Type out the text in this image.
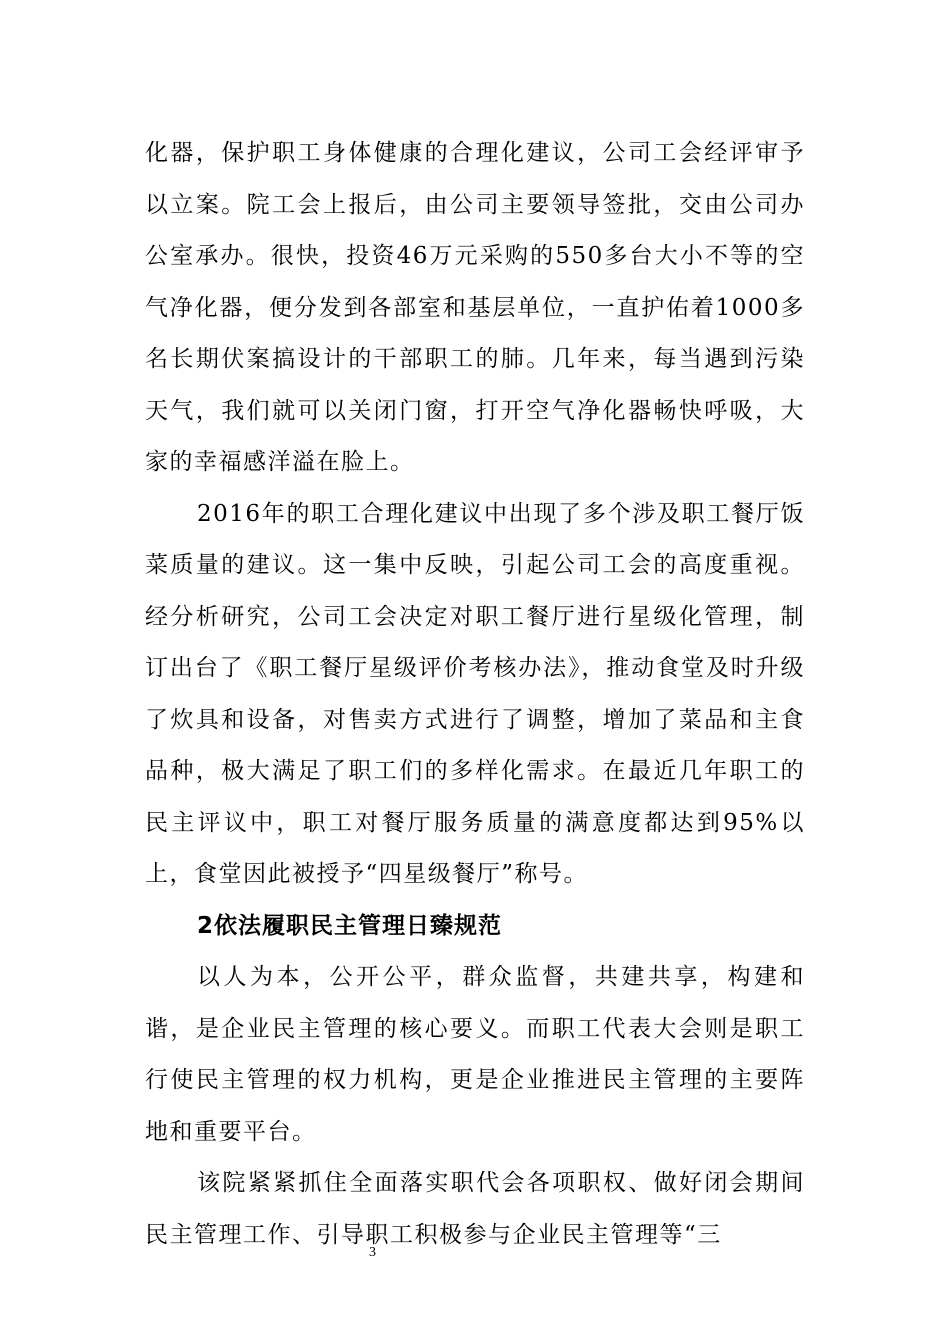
化器，保护职工身体健康的合理化建议，公司工会经评审予以立案。院工会上报后，由公司主要领导签批，交由公司办公室承办。很快，投资46万元采购的550多台大小不等的空气净化器，便分发到各部室和基层单位，一直护佑着1000多名长期伏案搞设计的干部职工的肺。几年来，每当遇到污染天气，我们就可以关闭门窗，打开空气净化器畅快呼吸，大家的幸福感洋溢在脸上。

2016年的职工合理化建议中出现了多个涉及职工餐厅饭菜质量的建议。这一集中反映，引起公司工会的高度重视。经分析研究，公司工会决定对职工餐厅进行星级化管理，制订出台了《职工餐厅星级评价考核办法》，推动食堂及时升级了炊具和设备，对售卖方式进行了调整，增加了菜品和主食品种，极大满足了职工们的多样化需求。在最近几年职工的民主评议中，职工对餐厅服务质量的满意度都达到95%以上，食堂因此被授予“四星级餐厅”称号。

2依法履职民主管理日臻规范

以人为本，公开公平，群众监督，共建共享，构建和谐，是企业民主管理的核心要义。而职工代表大会则是职工行使民主管理的权力机构，更是企业推进民主管理的主要阵地和重要平台。

该院紧紧抓住全面落实职代会各项职权、做好闭会期间民主管理工作、引导职工积极参与企业民主管理等“三

3
